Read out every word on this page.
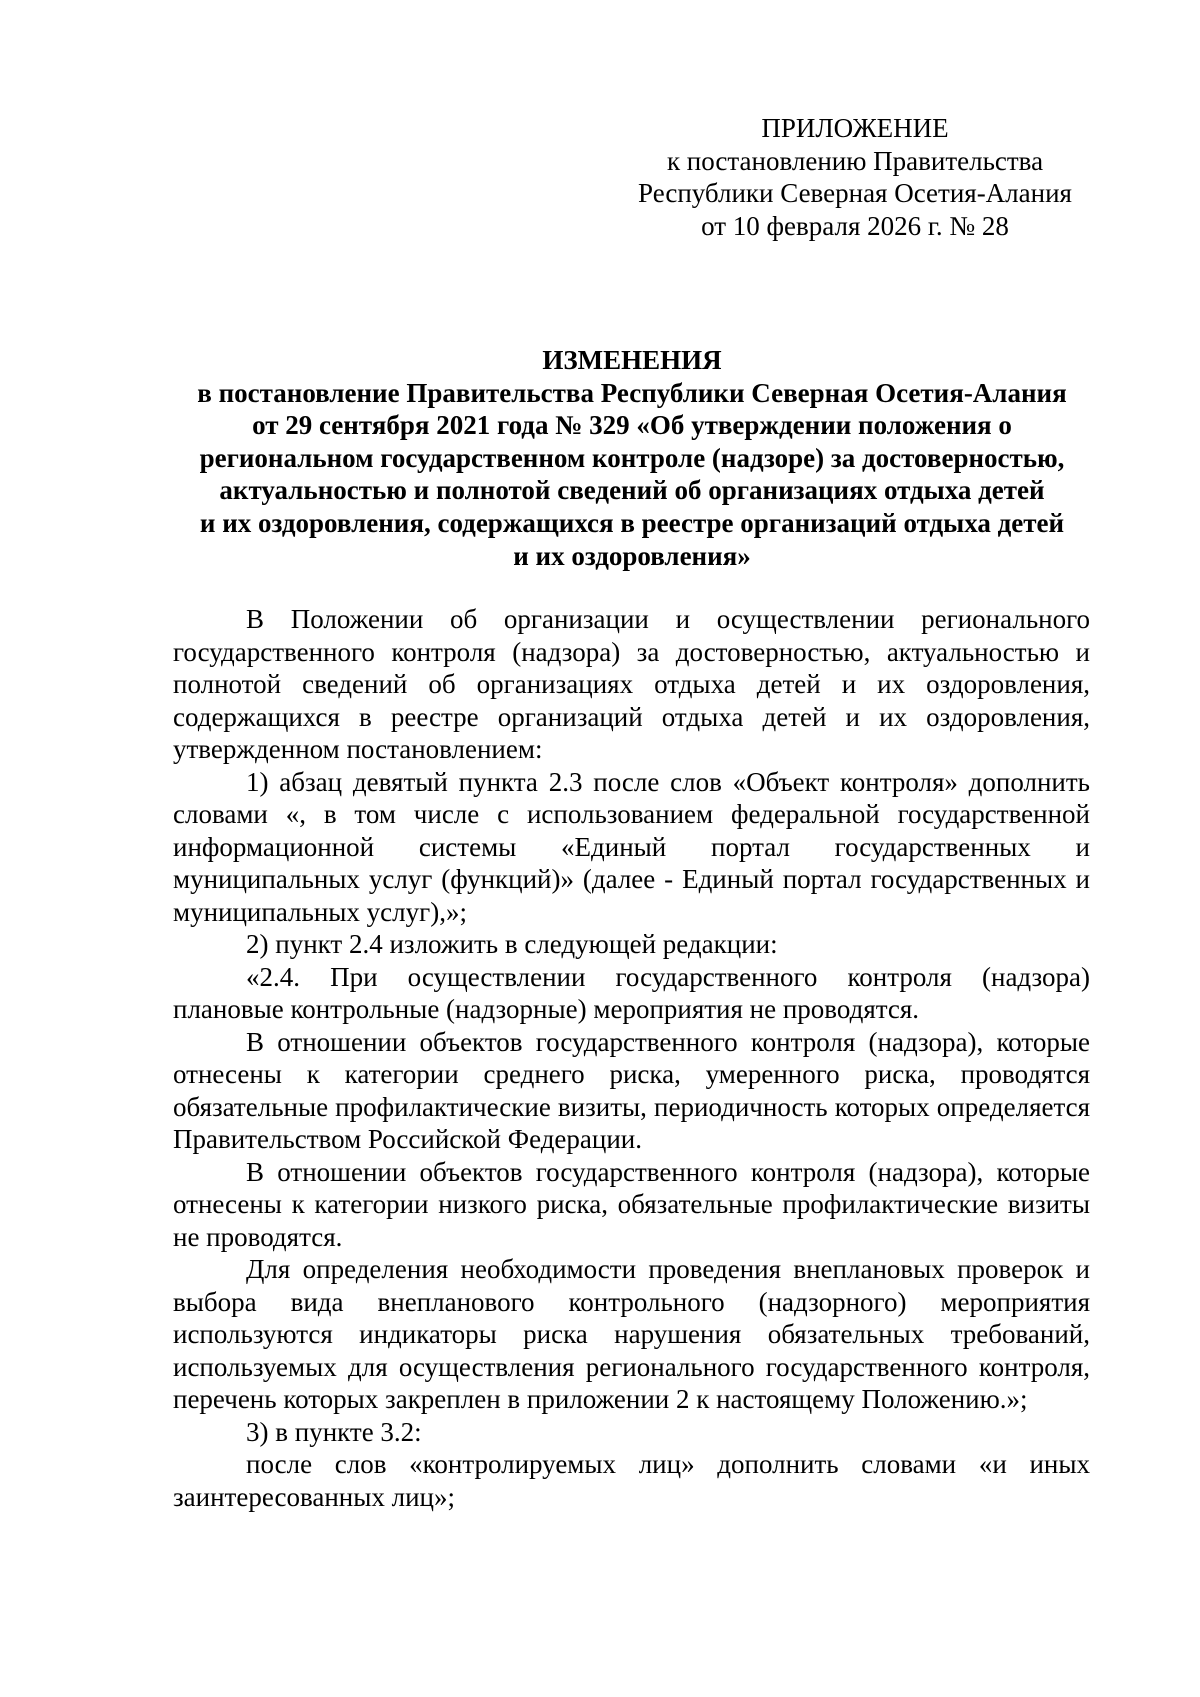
ПРИЛОЖЕНИЕ
к постановлению Правительства
Республики Северная Осетия-Алания
от 10 февраля 2026 г. № 28
ИЗМЕНЕНИЯ
в постановление Правительства Республики Северная Осетия-Алания
от 29 сентября 2021 года № 329 «Об утверждении положения о
региональном государственном контроле (надзоре) за достоверностью,
актуальностью и полнотой сведений об организациях отдыха детей
и их оздоровления, содержащихся в реестре организаций отдыха детей
и их оздоровления»

В Положении об организации и осуществлении регионального государственного контроля (надзора) за достоверностью, актуальностью и полнотой сведений об организациях отдыха детей и их оздоровления, содержащихся в реестре организаций отдыха детей и их оздоровления, утвержденном постановлением:

1) абзац девятый пункта 2.3 после слов «Объект контроля» дополнить словами «, в том числе с использованием федеральной государственной информационной системы «Единый портал государственных и муниципальных услуг (функций)» (далее - Единый портал государственных и муниципальных услуг),»;

2) пункт 2.4 изложить в следующей редакции:

«2.4. При осуществлении государственного контроля (надзора) плановые контрольные (надзорные) мероприятия не проводятся.

В отношении объектов государственного контроля (надзора), которые отнесены к категории среднего риска, умеренного риска, проводятся обязательные профилактические визиты, периодичность которых определяется Правительством Российской Федерации.

В отношении объектов государственного контроля (надзора), которые отнесены к категории низкого риска, обязательные профилактические визиты не проводятся.

Для определения необходимости проведения внеплановых проверок и выбора вида внепланового контрольного (надзорного) мероприятия используются индикаторы риска нарушения обязательных требований, используемых для осуществления регионального государственного контроля, перечень которых закреплен в приложении 2 к настоящему Положению.»;

3) в пункте 3.2:

после слов «контролируемых лиц» дополнить словами «и иных заинтересованных лиц»;
